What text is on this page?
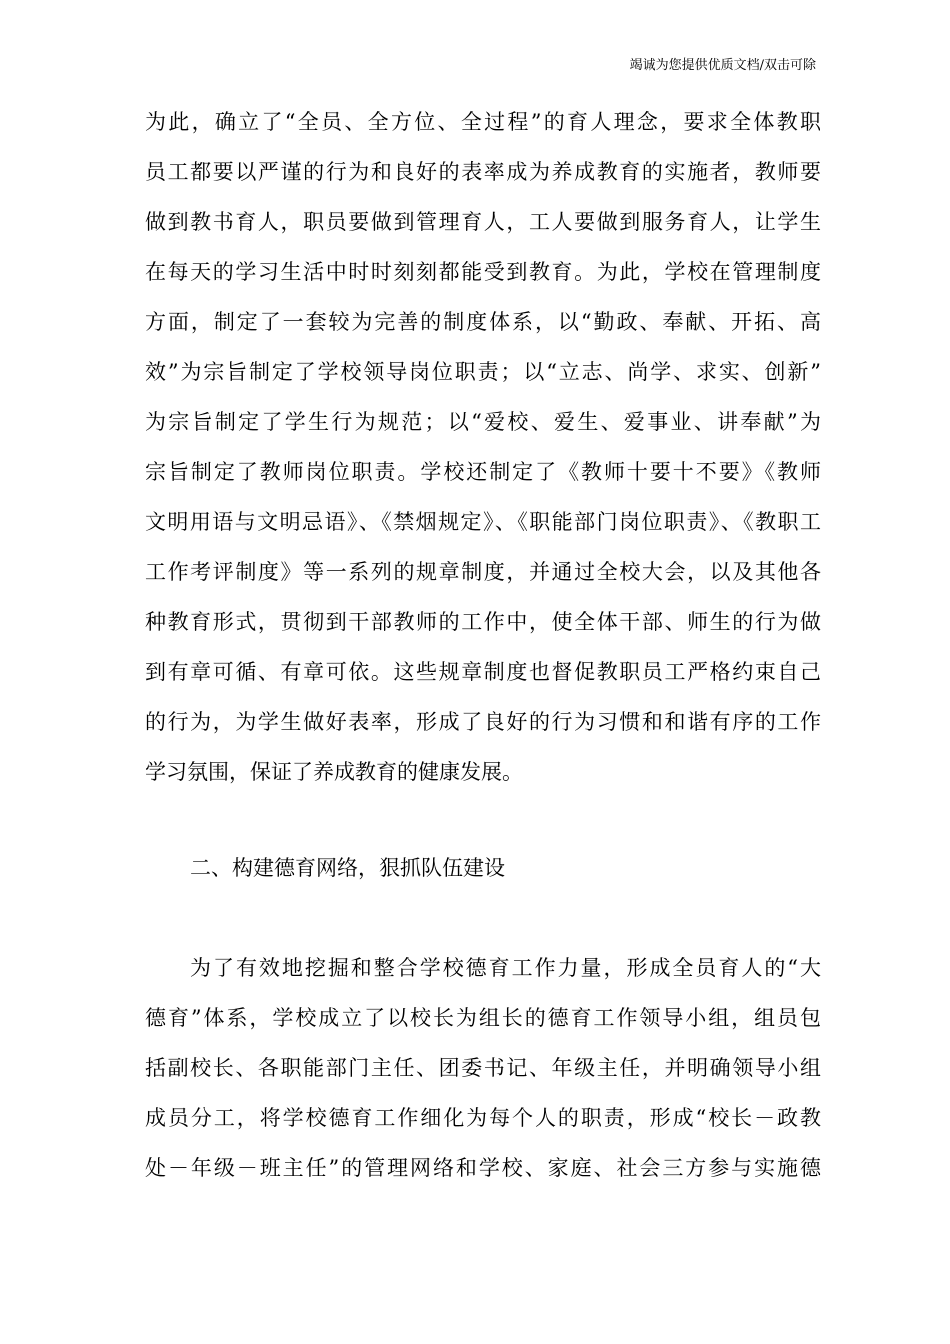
竭诚为您提供优质文档/双击可除
为此，确立了“全员、全方位、全过程”的育人理念，要求全体教职
员工都要以严谨的行为和良好的表率成为养成教育的实施者，教师要
做到教书育人，职员要做到管理育人，工人要做到服务育人，让学生
在每天的学习生活中时时刻刻都能受到教育。为此，学校在管理制度
方面，制定了一套较为完善的制度体系，以“勤政、奉献、开拓、高
效”为宗旨制定了学校领导岗位职责；以“立志、尚学、求实、创新”
为宗旨制定了学生行为规范；以“爱校、爱生、爱事业、讲奉献”为
宗旨制定了教师岗位职责。学校还制定了《教师十要十不要》《教师
文明用语与文明忌语》、《禁烟规定》、《职能部门岗位职责》、《教职工
工作考评制度》等一系列的规章制度，并通过全校大会，以及其他各
种教育形式，贯彻到干部教师的工作中，使全体干部、师生的行为做
到有章可循、有章可依。这些规章制度也督促教职员工严格约束自己
的行为，为学生做好表率，形成了良好的行为习惯和和谐有序的工作
学习氛围，保证了养成教育的健康发展。
二、构建德育网络，狠抓队伍建设
为了有效地挖掘和整合学校德育工作力量，形成全员育人的“大
德育”体系，学校成立了以校长为组长的德育工作领导小组，组员包
括副校长、各职能部门主任、团委书记、年级主任，并明确领导小组
成员分工，将学校德育工作细化为每个人的职责，形成“校长－政教
处－年级－班主任”的管理网络和学校、家庭、社会三方参与实施德
